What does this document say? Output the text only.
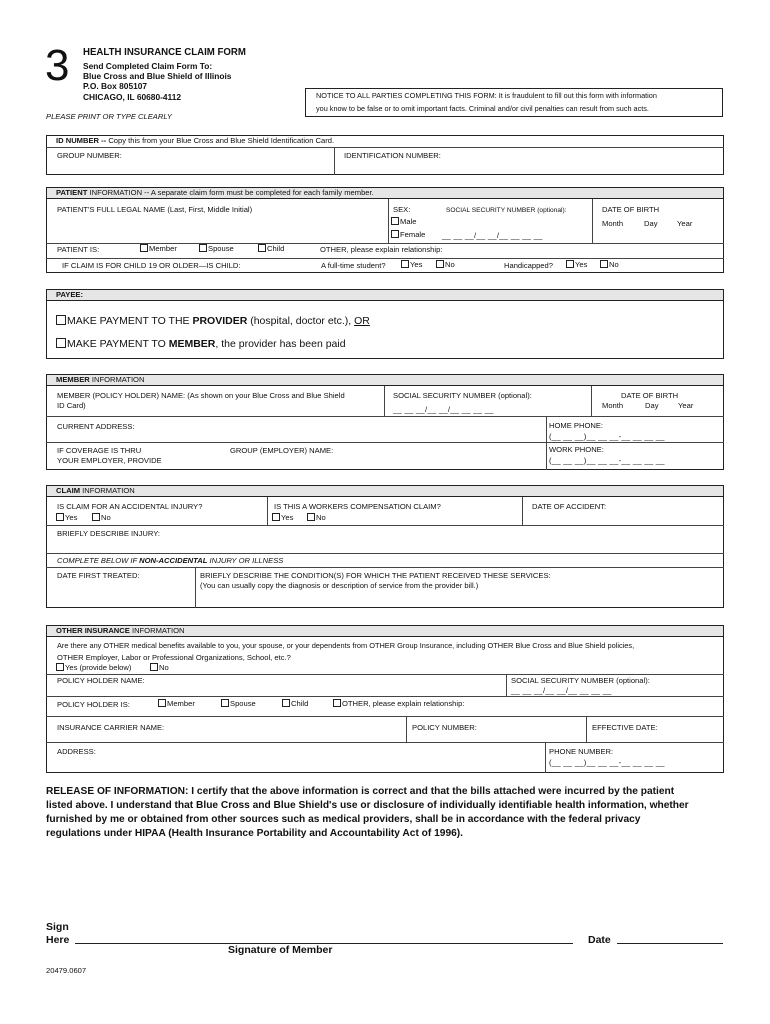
3 HEALTH INSURANCE CLAIM FORM
Send Completed Claim Form To:
Blue Cross and Blue Shield of Illinois
P.O. Box 805107
CHICAGO, IL 60680-4112	NOTICE TO ALL PARTIES COMPLETING THIS FORM: It is fraudulent to fill out this form with information
you know to be false or to omit important facts. Criminal and/or civil penalties can result from such acts.
PLEASE PRINT OR TYPE CLEARLY
ID NUMBER -- Copy this from your Blue Cross and Blue Shield Identification Card.
GROUP NUMBER:	IDENTIFICATION NUMBER:
PATIENT INFORMATION -- A separate claim form must be completed for each family member.
PATIENT'S FULL LEGAL NAME (Last, First, Middle Initial)	SEX:
Male
Female
SOCIAL SECURITY NUMBER (optional):
__ __ __/__ __/__ __ __ __
DATE OF BIRTH
Month	Day	Year
PATIENT IS:	Member	Spouse	Child	OTHER, please explain relationship:
IF CLAIM IS FOR CHILD 19 OR OLDER—IS CHILD:	A full-time student?	Yes	No	Handicapped?	Yes	No
PAYEE:
MAKE PAYMENT TO THE PROVIDER (hospital, doctor etc.), OR
MAKE PAYMENT TO MEMBER, the provider has been paid
MEMBER INFORMATION
MEMBER (POLICY HOLDER) NAME: (As shown on your Blue Cross and Blue Shield
ID Card)
SOCIAL SECURITY NUMBER (optional):
__ __ __/__ __/__ __ __ __
DATE OF BIRTH
Month	Day	Year
CURRENT ADDRESS:	HOME PHONE:
(__ __ __)__ __ __-__ __ __ __
IF COVERAGE IS THRU
YOUR EMPLOYER, PROVIDE
GROUP (EMPLOYER) NAME:	WORK PHONE:
(__ __ __)__ __ __-__ __ __ __
CLAIM INFORMATION
IS CLAIM FOR AN ACCIDENTAL INJURY?
Yes	No
IS THIS A WORKERS COMPENSATION CLAIM?
Yes	No
DATE OF ACCIDENT:
BRIEFLY DESCRIBE INJURY:
COMPLETE BELOW IF NON-ACCIDENTAL INJURY OR ILLNESS
DATE FIRST TREATED:	BRIEFLY DESCRIBE THE CONDITION(S) FOR WHICH THE PATIENT RECEIVED THESE SERVICES:
(You can usually copy the diagnosis or description of service from the provider bill.)
OTHER INSURANCE INFORMATION
Are there any OTHER medical benefits available to you, your spouse, or your dependents from OTHER Group Insurance, including OTHER Blue Cross and Blue Shield policies,
OTHER Employer, Labor or Professional Organizations, School, etc.?
Yes (provide below)	No
POLICY HOLDER NAME:	SOCIAL SECURITY NUMBER (optional):
__ __ __/__ __/__ __ __ __
POLICY HOLDER IS:	Member	Spouse	Child	OTHER, please explain relationship:
INSURANCE CARRIER NAME:	POLICY NUMBER:	EFFECTIVE DATE:
ADDRESS:	PHONE NUMBER:
(__ __ __)__ __ __-__ __ __ __
RELEASE OF INFORMATION: I certify that the above information is correct and that the bills attached were incurred by the patient
listed above. I understand that Blue Cross and Blue Shield's use or disclosure of individually identifiable health information, whether
furnished by me or obtained from other sources such as medical providers, shall be in accordance with the federal privacy
regulations under HIPAA (Health Insurance Portability and Accountability Act of 1996).
Sign
Here
Signature of Member
Date
20479.0607
